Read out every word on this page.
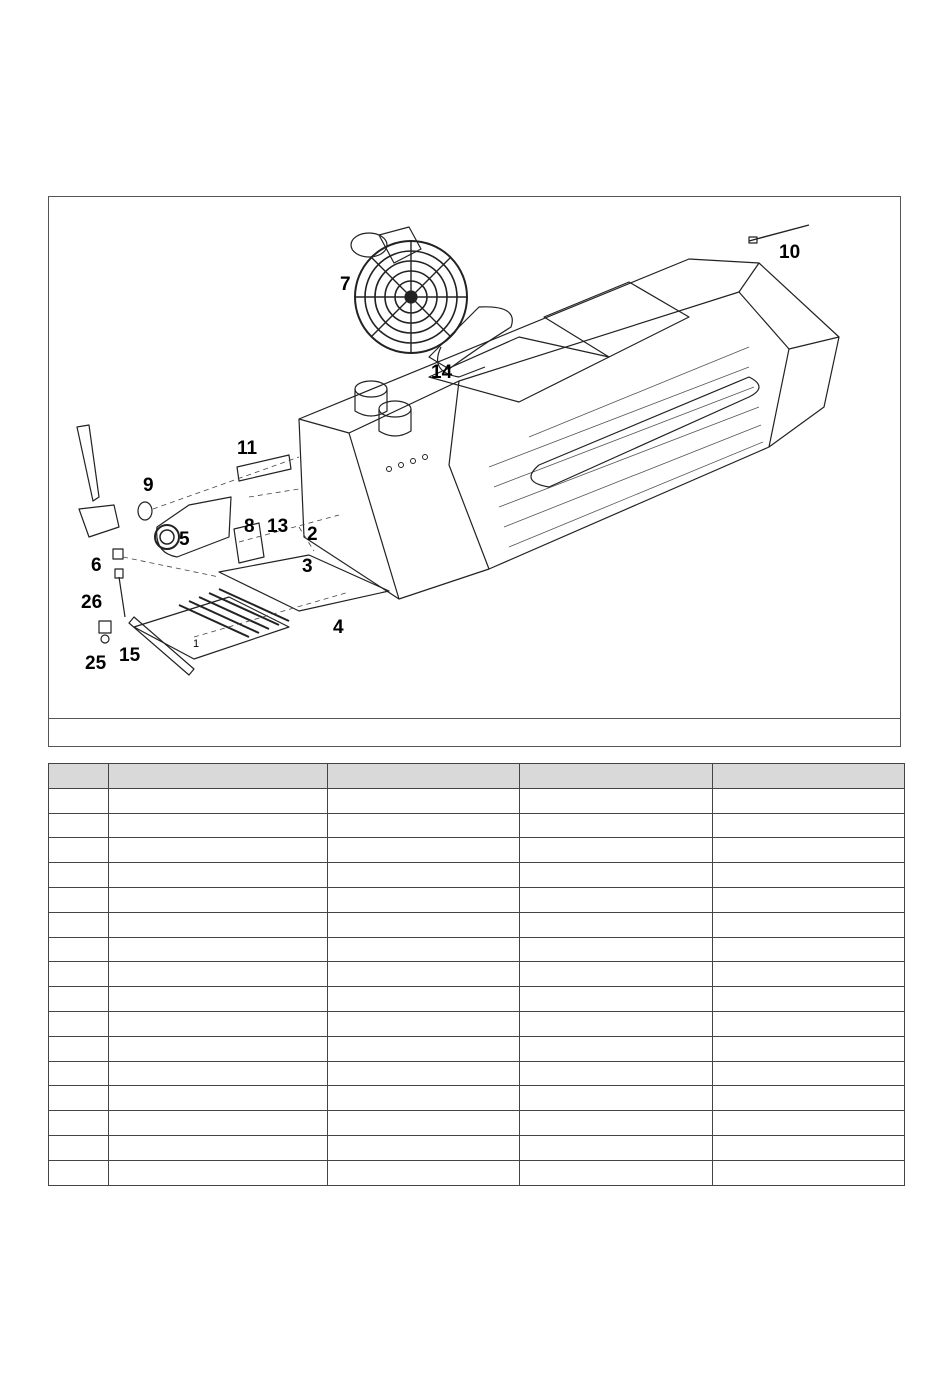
10
7
14
11
9
8 13 2
5
3
6
26
4
25 15
1
